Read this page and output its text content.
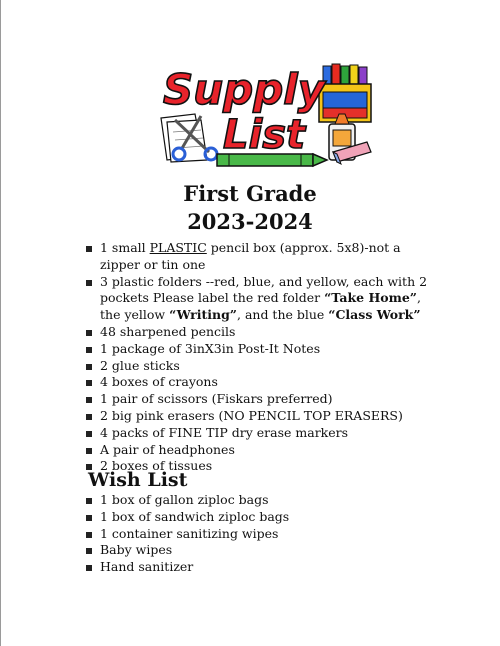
Supply
List
First Grade
2023-2024
1 small PLASTIC pencil box (approx. 5x8)-not a zipper or tin one
3 plastic folders --red, blue, and yellow, each with 2 pockets Please label the red folder “Take Home”, the yellow “Writing”, and the blue “Class Work”
48 sharpened pencils
1 package of 3inX3in Post-It Notes
2 glue sticks
4 boxes of crayons
1 pair of scissors (Fiskars preferred)
2 big pink erasers (NO PENCIL TOP ERASERS)
4 packs of FINE TIP dry erase markers
A pair of headphones
2 boxes of tissues
Wish List
1 box of gallon ziploc bags
1 box of sandwich ziploc bags
1 container sanitizing wipes
Baby wipes
Hand sanitizer
